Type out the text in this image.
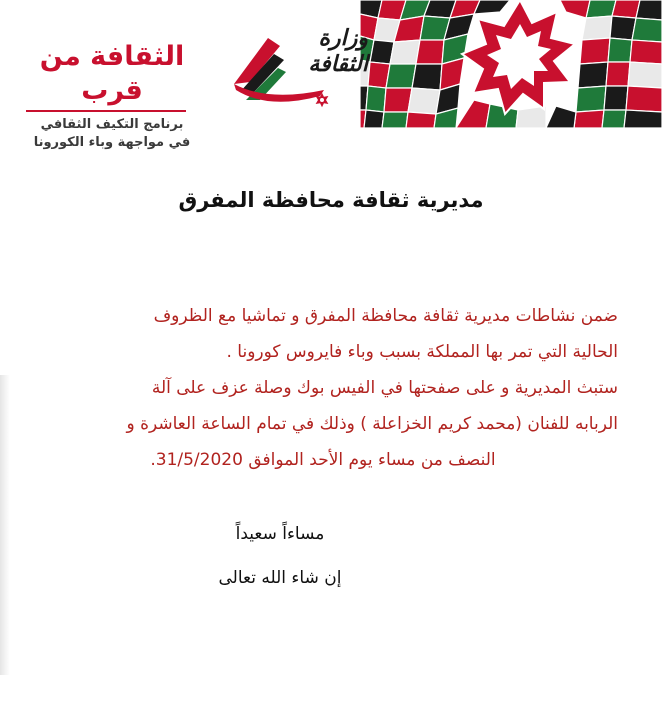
وزارة
الثقافة
الثقافة من قرب
برنامج التكيف الثقافي
في مواجهة وباء الكورونا
مديرية ثقافة محافظة المفرق
ضمن نشاطات مديرية ثقافة محافظة المفرق و تماشيا مع الظروف
الحالية التي تمر بها المملكة بسبب وباء فايروس كورونا .
ستبث المديرية و على صفحتها في الفيس بوك وصلة عزف على آلة
الربابه للفنان (محمد كريم الخزاعلة ) وذلك في تمام الساعة العاشرة و
النصف من مساء يوم الأحد الموافق 31/5/2020.
مساءاً سعيداً
إن شاء الله تعالى
